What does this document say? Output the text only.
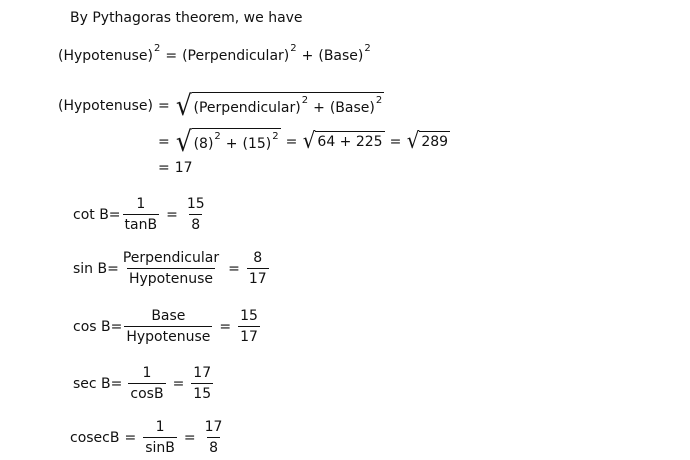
By Pythagoras theorem, we have
(Hypotenuse)$^2$ = (Perpendicular)$^2$ + (Base)$^2$
(Hypotenuse) = √ (Perpendicular)$^2$ + (Base)$^2$
= √ $(8)^2 + (15)^2$ = √ 64 + 225 = √ 289
= 17
$\cot B= \frac{1}{\tan B} = \frac{15}{8}$
$\sin B= \frac{\text{Perpendicular}}{\text{Hypotenuse}} = \frac{8}{17}$
$\cos B= \frac{\text{Base}}{\text{Hypotenuse}} = \frac{15}{17}$
$\sec B= \frac{1}{\cos B} = \frac{17}{15}$
$cosecB = \frac{1}{\sin B} = \frac{17}{8}$
